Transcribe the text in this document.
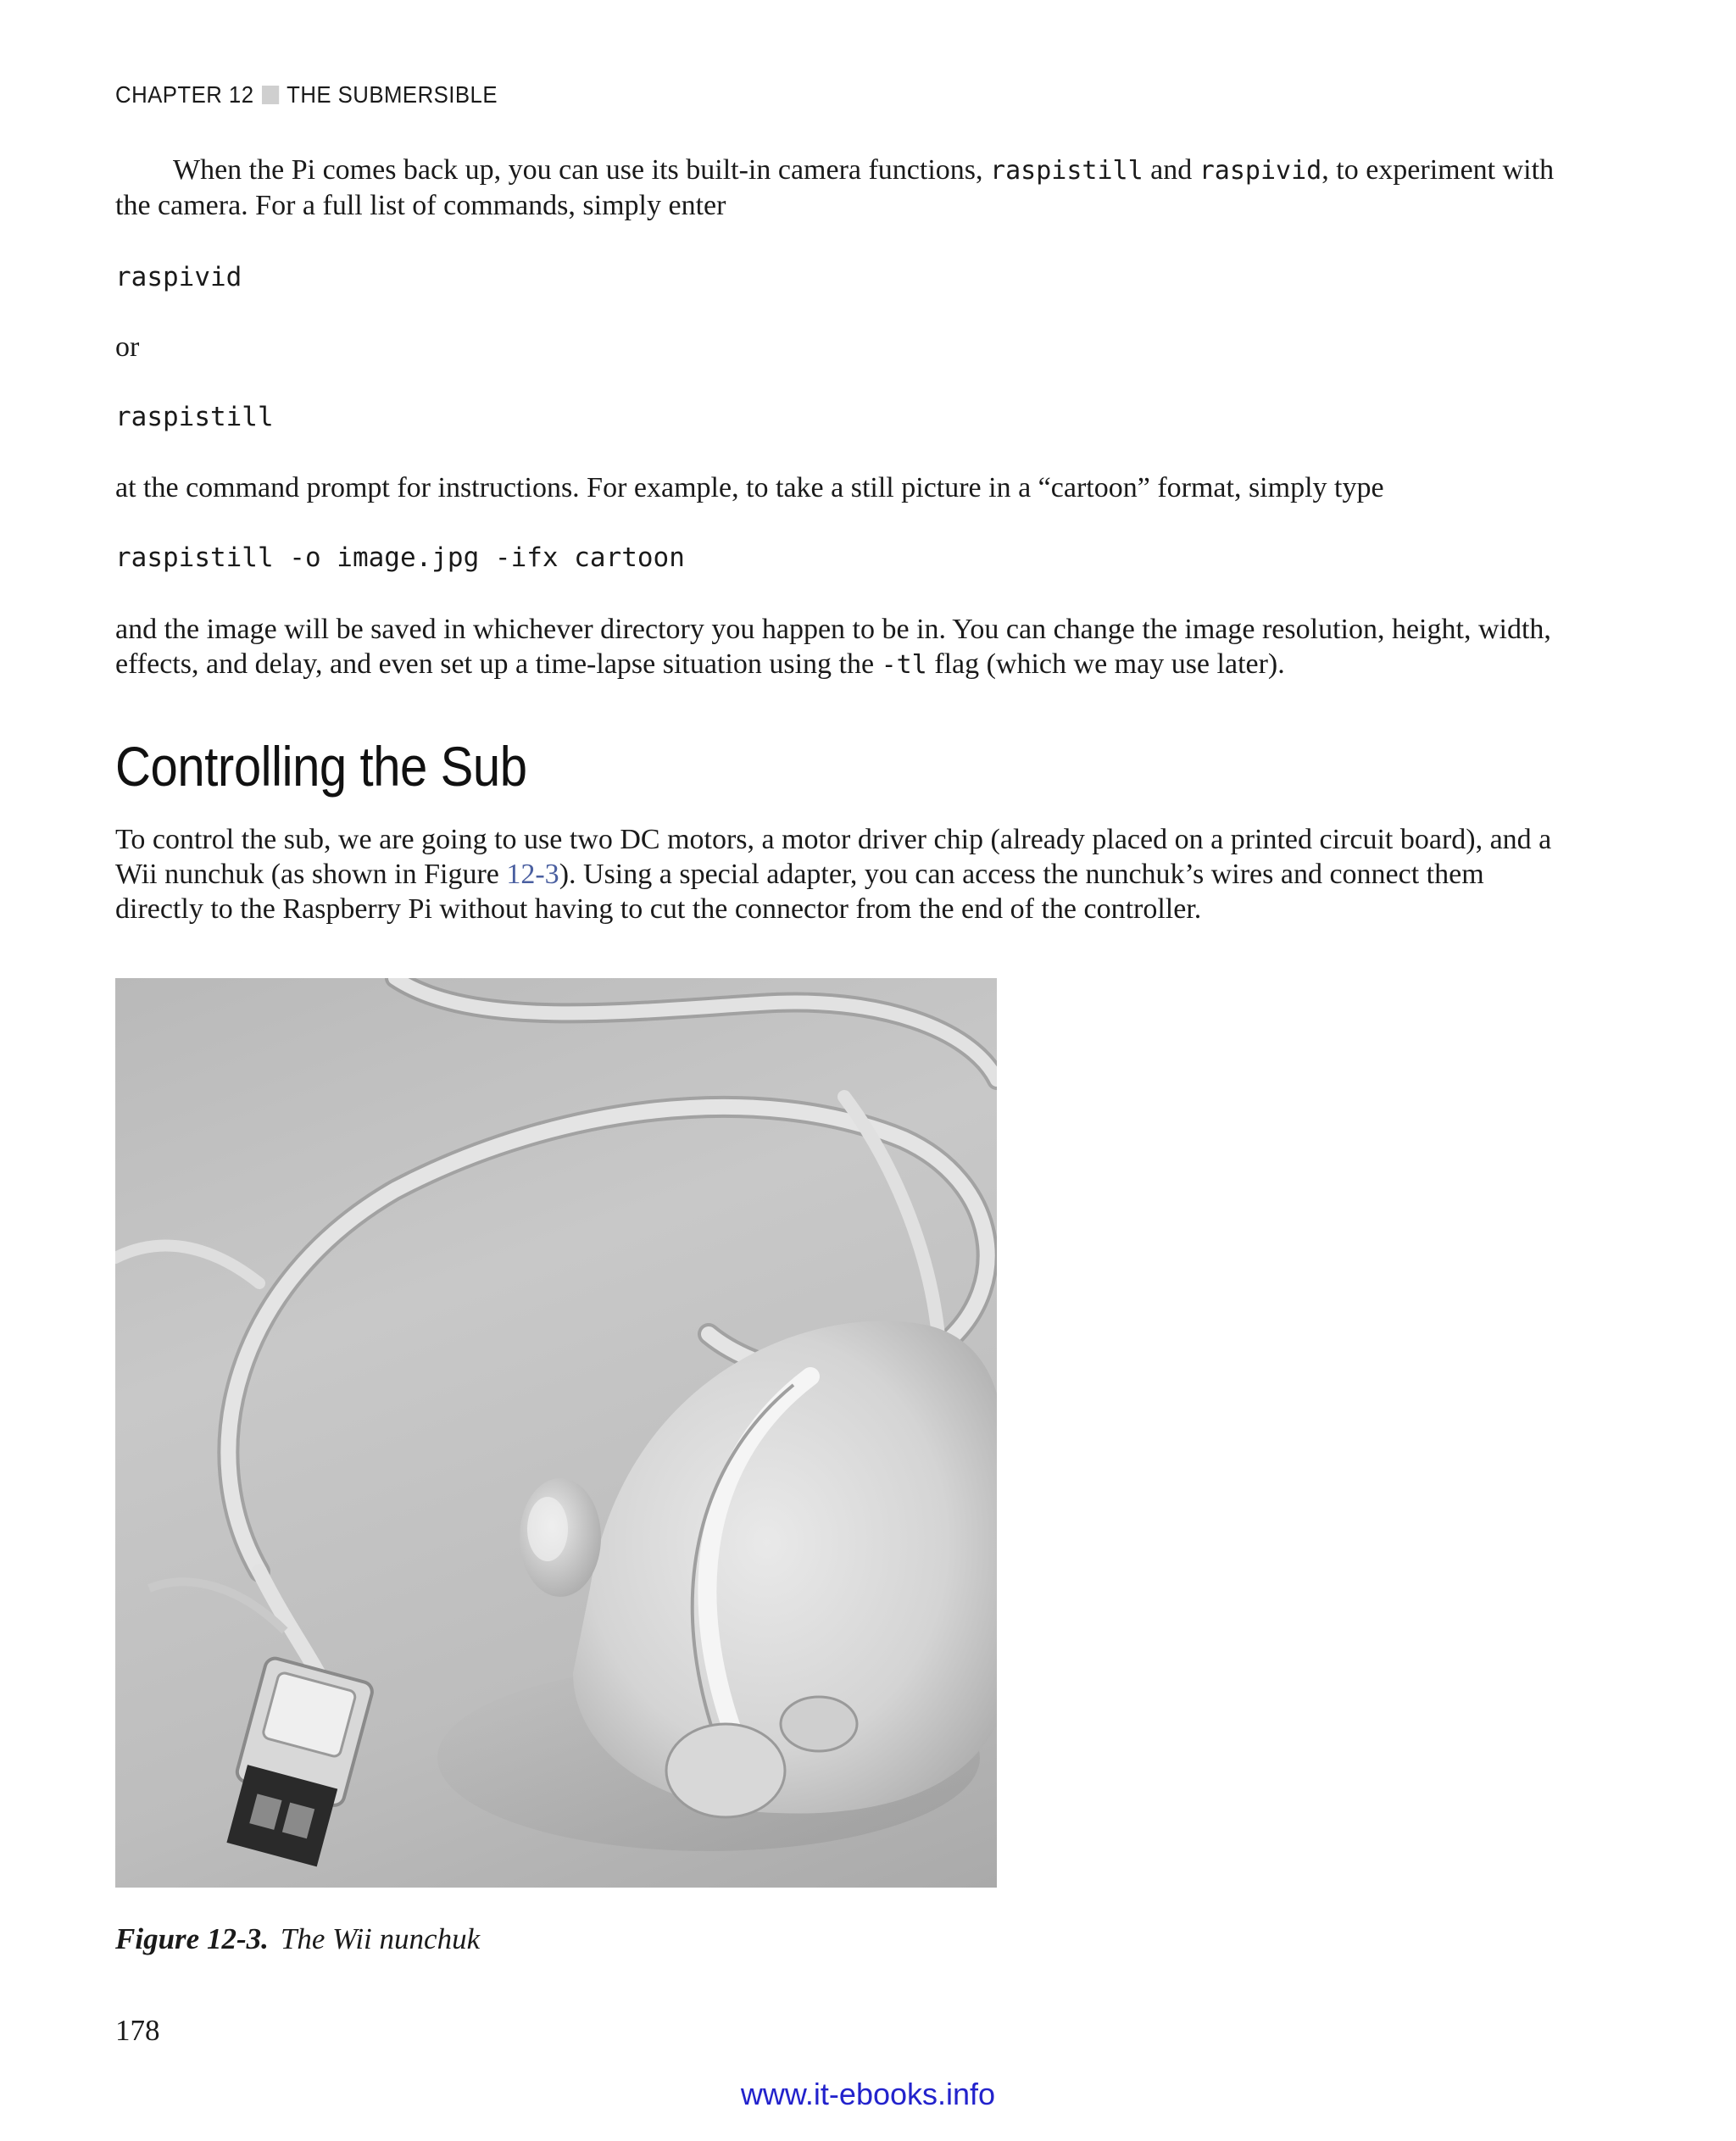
CHAPTER 12 THE SUBMERSIBLE

When the Pi comes back up, you can use its built-in camera functions, raspistill and raspivid, to experiment with the camera. For a full list of commands, simply enter

raspivid

or

raspistill

at the command prompt for instructions. For example, to take a still picture in a “cartoon” format, simply type

raspistill -o image.jpg -ifx cartoon

and the image will be saved in whichever directory you happen to be in. You can change the image resolution, height, width, effects, and delay, and even set up a time-lapse situation using the -tl flag (which we may use later).

Controlling the Sub

To control the sub, we are going to use two DC motors, a motor driver chip (already placed on a printed circuit board), and a Wii nunchuk (as shown in Figure 12-3). Using a special adapter, you can access the nunchuk’s wires and connect them directly to the Raspberry Pi without having to cut the connector from the end of the controller.

Figure 12-3. The Wii nunchuk
178
www.it-ebooks.info
